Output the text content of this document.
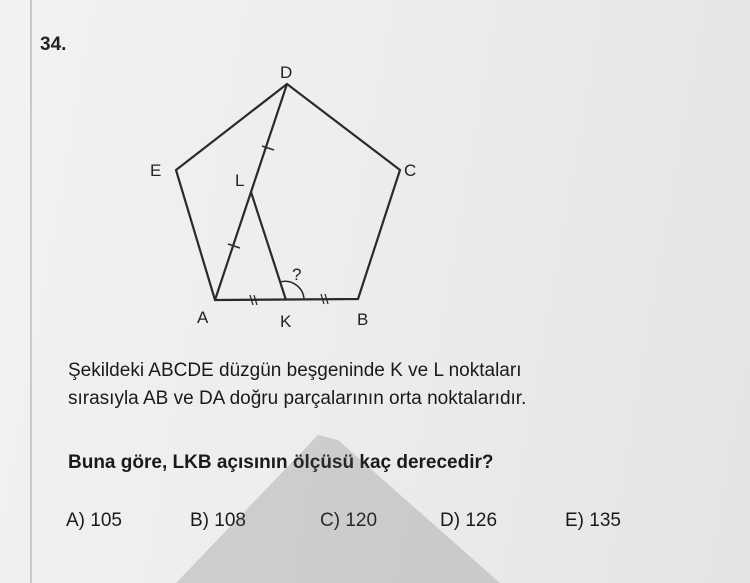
34.
D
E	C
L
A	K	B
?
Şekildeki ABCDE düzgün beşgeninde K ve L noktaları
sırasıyla AB ve DA doğru parçalarının orta noktalarıdır.
Buna göre, LKB açısının ölçüsü kaç derecedir?
A) 105	B) 108	C) 120	D) 126	E) 135
